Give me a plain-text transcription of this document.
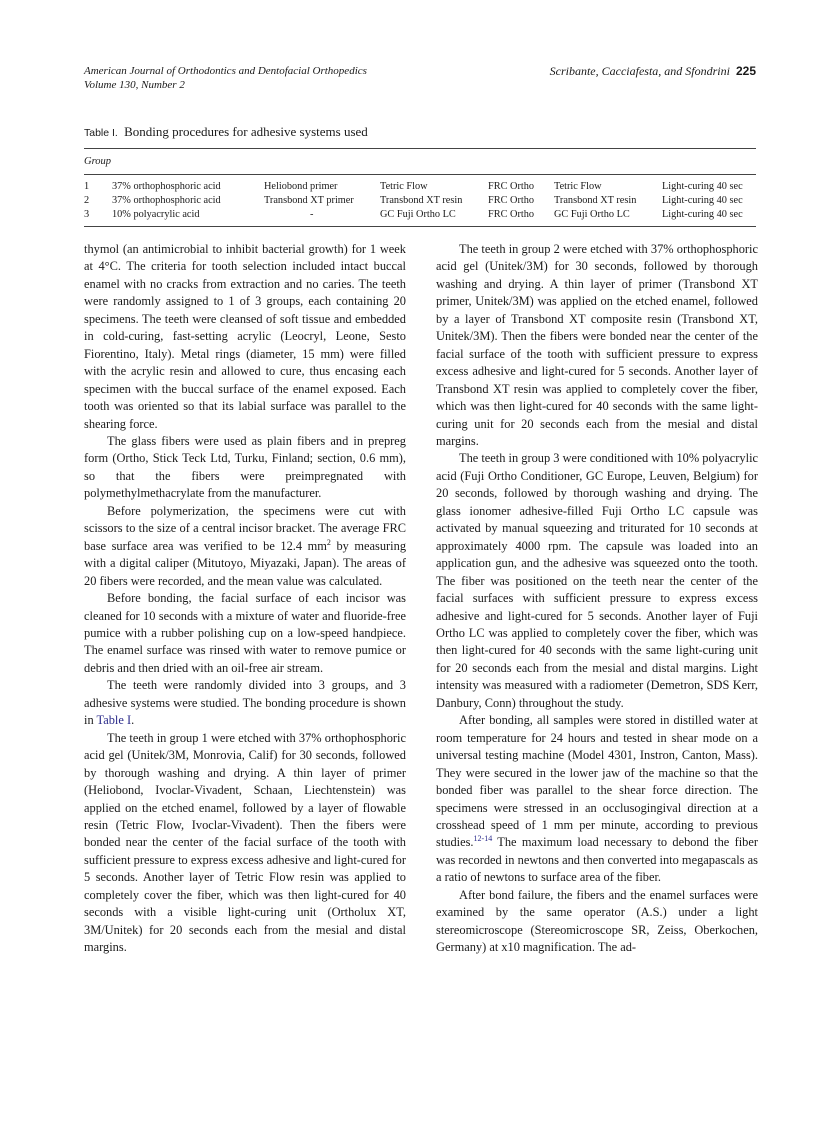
American Journal of Orthodontics and Dentofacial Orthopedics
Volume 130, Number 2
Scribante, Cacciafesta, and Sfondrini 225
Table I. Bonding procedures for adhesive systems used
Group
1	37% orthophosphoric acid	Heliobond primer	Tetric Flow	FRC Ortho	Tetric Flow	Light-curing 40 sec
2	37% orthophosphoric acid	Transbond XT primer	Transbond XT resin	FRC Ortho	Transbond XT resin	Light-curing 40 sec
3	10% polyacrylic acid	-	GC Fuji Ortho LC	FRC Ortho	GC Fuji Ortho LC	Light-curing 40 sec

thymol (an antimicrobial to inhibit bacterial growth) for 1 week at 4°C. The criteria for tooth selection included intact buccal enamel with no cracks from extraction and no caries. The teeth were randomly assigned to 1 of 3 groups, each containing 20 specimens. The teeth were cleansed of soft tissue and embedded in cold-curing, fast-setting acrylic (Leocryl, Leone, Sesto Fiorentino, Italy). Metal rings (diameter, 15 mm) were filled with the acrylic resin and allowed to cure, thus encasing each specimen with the buccal surface of the enamel exposed. Each tooth was oriented so that its labial surface was parallel to the shearing force.

The glass fibers were used as plain fibers and in prepreg form (Ortho, Stick Teck Ltd, Turku, Finland; section, 0.6 mm), so that the fibers were preimpregnated with polymethylmethacrylate from the manufacturer.

Before polymerization, the specimens were cut with scissors to the size of a central incisor bracket. The average FRC base surface area was verified to be 12.4 $mm^2$ by measuring with a digital caliper (Mitutoyo, Miyazaki, Japan). The areas of 20 fibers were recorded, and the mean value was calculated.

Before bonding, the facial surface of each incisor was cleaned for 10 seconds with a mixture of water and fluoride-free pumice with a rubber polishing cup on a low-speed handpiece. The enamel surface was rinsed with water to remove pumice or debris and then dried with an oil-free air stream.

The teeth were randomly divided into 3 groups, and 3 adhesive systems were studied. The bonding procedure is shown in Table I.

The teeth in group 1 were etched with 37% orthophosphoric acid gel (Unitek/3M, Monrovia, Calif) for 30 seconds, followed by thorough washing and drying. A thin layer of primer (Heliobond, Ivoclar-Vivadent, Schaan, Liechtenstein) was applied on the etched enamel, followed by a layer of flowable resin (Tetric Flow, Ivoclar-Vivadent). Then the fibers were bonded near the center of the facial surface of the tooth with sufficient pressure to express excess adhesive and light-cured for 5 seconds. Another layer of Tetric Flow resin was applied to completely cover the fiber, which was then light-cured for 40 seconds with a visible light-curing unit (Ortholux XT, 3M/Unitek) for 20 seconds each from the mesial and distal margins.

The teeth in group 2 were etched with 37% orthophosphoric acid gel (Unitek/3M) for 30 seconds, followed by thorough washing and drying. A thin layer of primer (Transbond XT primer, Unitek/3M) was applied on the etched enamel, followed by a layer of Transbond XT composite resin (Transbond XT, Unitek/3M). Then the fibers were bonded near the center of the facial surface of the tooth with sufficient pressure to express excess adhesive and light-cured for 5 seconds. Another layer of Transbond XT resin was applied to completely cover the fiber, which was then light-cured for 40 seconds with the same light-curing unit for 20 seconds each from the mesial and distal margins.

The teeth in group 3 were conditioned with 10% polyacrylic acid (Fuji Ortho Conditioner, GC Europe, Leuven, Belgium) for 20 seconds, followed by thorough washing and drying. The glass ionomer adhesive-filled Fuji Ortho LC capsule was activated by manual squeezing and triturated for 10 seconds at approximately 4000 rpm. The capsule was loaded into an application gun, and the adhesive was squeezed onto the tooth. The fiber was positioned on the teeth near the center of the facial surfaces with sufficient pressure to express excess adhesive and light-cured for 5 seconds. Another layer of Fuji Ortho LC was applied to completely cover the fiber, which was then light-cured for 40 seconds with the same light-curing unit for 20 seconds each from the mesial and distal margins. Light intensity was measured with a radiometer (Demetron, SDS Kerr, Danbury, Conn) throughout the study.

After bonding, all samples were stored in distilled water at room temperature for 24 hours and tested in shear mode on a universal testing machine (Model 4301, Instron, Canton, Mass). They were secured in the lower jaw of the machine so that the bonded fiber was parallel to the shear force direction. The specimens were stressed in an occlusogingival direction at a crosshead speed of 1 mm per minute, according to previous studies.$^{12-14}$ The maximum load necessary to debond the fiber was recorded in newtons and then converted into megapascals as a ratio of newtons to surface area of the fiber.

After bond failure, the fibers and the enamel surfaces were examined by the same operator (A.S.) under a light stereomicroscope (Stereomicroscope SR, Zeiss, Oberkochen, Germany) at x10 magnification. The ad-
